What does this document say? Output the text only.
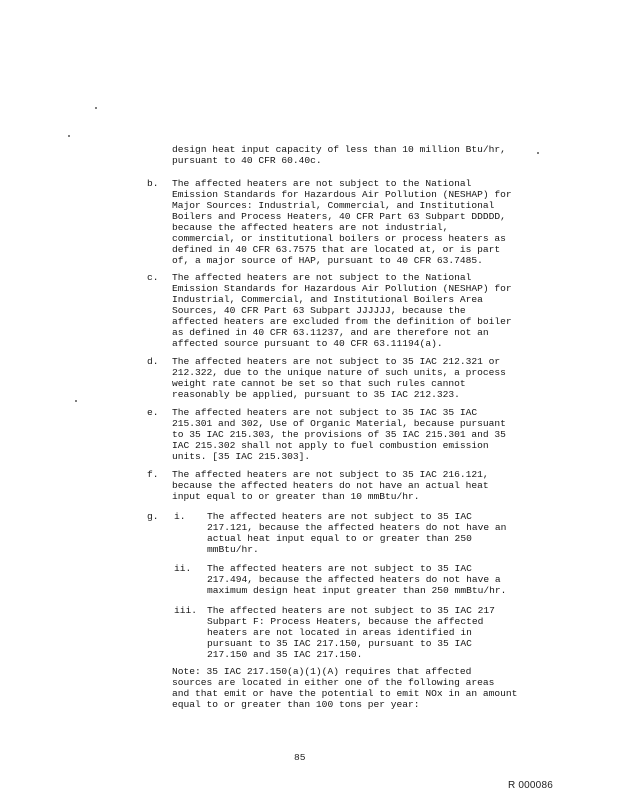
design heat input capacity of less than 10 million Btu/hr,
pursuant to 40 CFR 60.40c.
b. The affected heaters are not subject to the National
Emission Standards for Hazardous Air Pollution (NESHAP) for
Major Sources: Industrial, Commercial, and Institutional
Boilers and Process Heaters, 40 CFR Part 63 Subpart DDDDD,
because the affected heaters are not industrial,
commercial, or institutional boilers or process heaters as
defined in 40 CFR 63.7575 that are located at, or is part
of, a major source of HAP, pursuant to 40 CFR 63.7485.
c. The affected heaters are not subject to the National
Emission Standards for Hazardous Air Pollution (NESHAP) for
Industrial, Commercial, and Institutional Boilers Area
Sources, 40 CFR Part 63 Subpart JJJJJJ, because the
affected heaters are excluded from the definition of boiler
as defined in 40 CFR 63.11237, and are therefore not an
affected source pursuant to 40 CFR 63.11194(a).
d. The affected heaters are not subject to 35 IAC 212.321 or
212.322, due to the unique nature of such units, a process
weight rate cannot be set so that such rules cannot
reasonably be applied, pursuant to 35 IAC 212.323.
e. The affected heaters are not subject to 35 IAC 35 IAC
215.301 and 302, Use of Organic Material, because pursuant
to 35 IAC 215.303, the provisions of 35 IAC 215.301 and 35
IAC 215.302 shall not apply to fuel combustion emission
units. [35 IAC 215.303].
f. The affected heaters are not subject to 35 IAC 216.121,
because the affected heaters do not have an actual heat
input equal to or greater than 10 mmBtu/hr.
g. i. The affected heaters are not subject to 35 IAC
217.121, because the affected heaters do not have an
actual heat input equal to or greater than 250
mmBtu/hr.
ii. The affected heaters are not subject to 35 IAC
217.494, because the affected heaters do not have a
maximum design heat input greater than 250 mmBtu/hr.
iii. The affected heaters are not subject to 35 IAC 217
Subpart F: Process Heaters, because the affected
heaters are not located in areas identified in
pursuant to 35 IAC 217.150, pursuant to 35 IAC
217.150 and 35 IAC 217.150.
Note: 35 IAC 217.150(a)(1)(A) requires that affected
sources are located in either one of the following areas
and that emit or have the potential to emit NOx in an amount
equal to or greater than 100 tons per year:
85
R 000086
